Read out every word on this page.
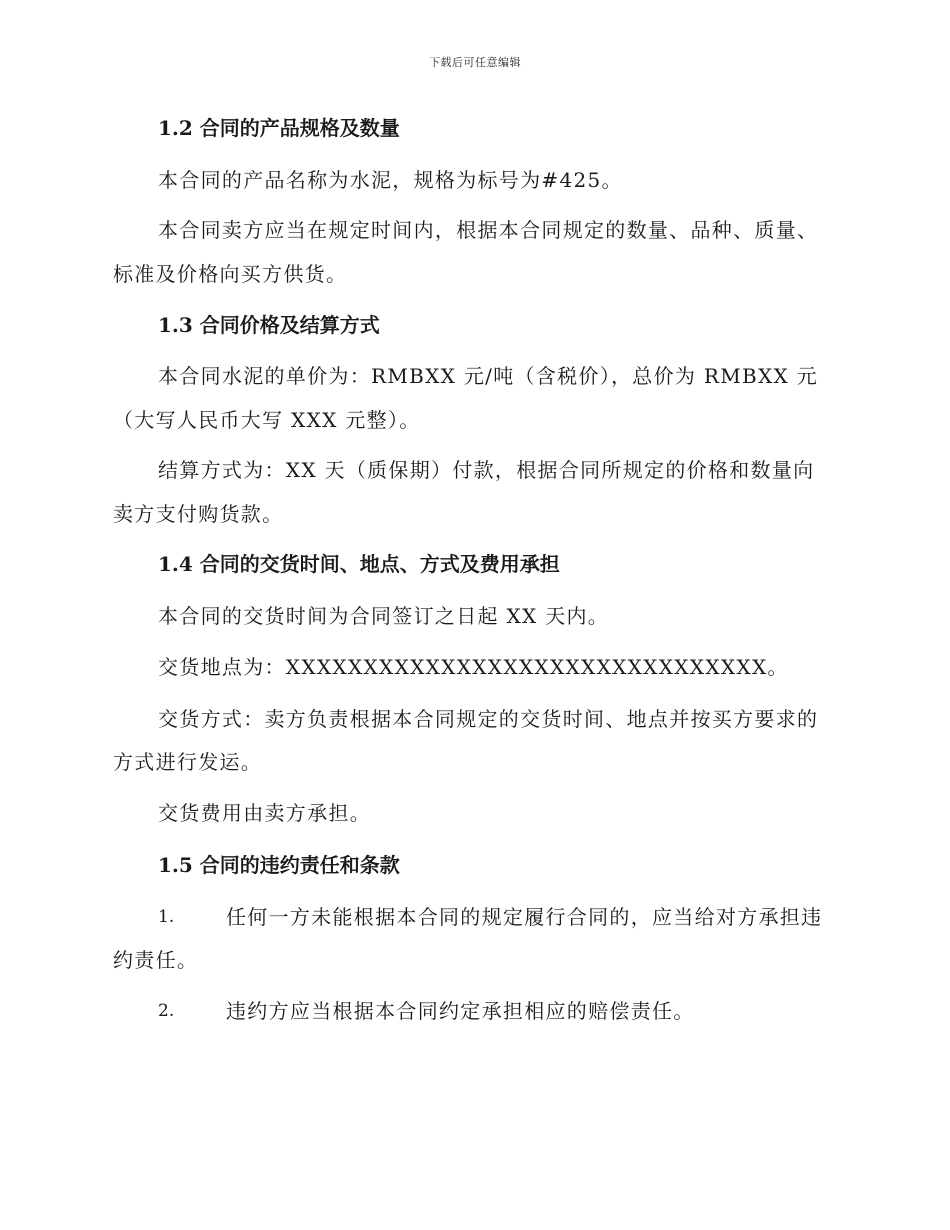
下载后可任意编辑
1.2 合同的产品规格及数量
本合同的产品名称为水泥，规格为标号为#425。
本合同卖方应当在规定时间内，根据本合同规定的数量、品种、质量、
标准及价格向买方供货。
1.3 合同价格及结算方式
本合同水泥的单价为：RMBXX 元/吨（含税价），总价为 RMBXX 元
（大写人民币大写 XXX 元整）。
结算方式为：XX 天（质保期）付款，根据合同所规定的价格和数量向
卖方支付购货款。
1.4 合同的交货时间、地点、方式及费用承担
本合同的交货时间为合同签订之日起 XX 天内。
交货地点为：XXXXXXXXXXXXXXXXXXXXXXXXXXXXXXX。
交货方式：卖方负责根据本合同规定的交货时间、地点并按买方要求的
方式进行发运。
交货费用由卖方承担。
1.5 合同的违约责任和条款
1.	任何一方未能根据本合同的规定履行合同的，应当给对方承担违
约责任。
2.	违约方应当根据本合同约定承担相应的赔偿责任。
